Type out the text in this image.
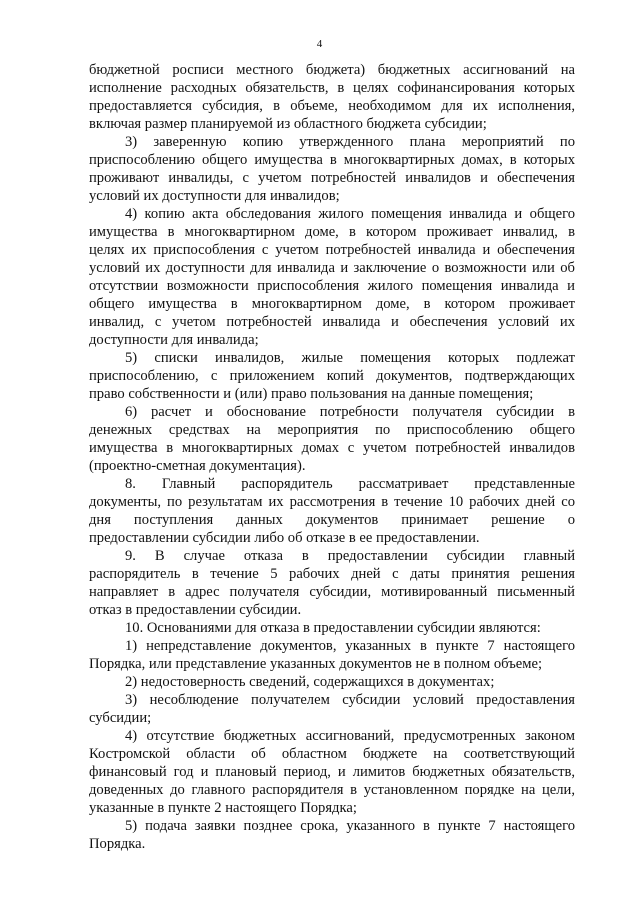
4
бюджетной росписи местного бюджета) бюджетных ассигнований на
исполнение расходных обязательств, в целях софинансирования которых
предоставляется субсидия, в объеме, необходимом для их исполнения,
включая размер планируемой из областного бюджета субсидии;
3) заверенную копию утвержденного плана мероприятий по
приспособлению общего имущества в многоквартирных домах, в которых
проживают инвалиды, с учетом потребностей инвалидов и обеспечения
условий их доступности для инвалидов;
4) копию акта обследования жилого помещения инвалида и общего
имущества в многоквартирном доме, в котором проживает инвалид, в
целях их приспособления с учетом потребностей инвалида и обеспечения
условий их доступности для инвалида и заключение о возможности или об
отсутствии возможности приспособления жилого помещения инвалида и
общего имущества в многоквартирном доме, в котором проживает
инвалид, с учетом потребностей инвалида и обеспечения условий их
доступности для инвалида;
5) списки инвалидов, жилые помещения которых подлежат
приспособлению, с приложением копий документов, подтверждающих
право собственности и (или) право пользования на данные помещения;
6) расчет и обоснование потребности получателя субсидии в
денежных средствах на мероприятия по приспособлению общего
имущества в многоквартирных домах с учетом потребностей инвалидов
(проектно-сметная документация).
8. Главный распорядитель рассматривает представленные
документы, по результатам их рассмотрения в течение 10 рабочих дней со
дня поступления данных документов принимает решение о
предоставлении субсидии либо об отказе в ее предоставлении.
9. В случае отказа в предоставлении субсидии главный
распорядитель в течение 5 рабочих дней с даты принятия решения
направляет в адрес получателя субсидии, мотивированный письменный
отказ в предоставлении субсидии.
10. Основаниями для отказа в предоставлении субсидии являются:
1) непредставление документов, указанных в пункте 7 настоящего
Порядка, или представление указанных документов не в полном объеме;
2) недостоверность сведений, содержащихся в документах;
3) несоблюдение получателем субсидии условий предоставления
субсидии;
4) отсутствие бюджетных ассигнований, предусмотренных законом
Костромской области об областном бюджете на соответствующий
финансовый год и плановый период, и лимитов бюджетных обязательств,
доведенных до главного распорядителя в установленном порядке на цели,
указанные в пункте 2 настоящего Порядка;
5) подача заявки позднее срока, указанного в пункте 7 настоящего
Порядка.
